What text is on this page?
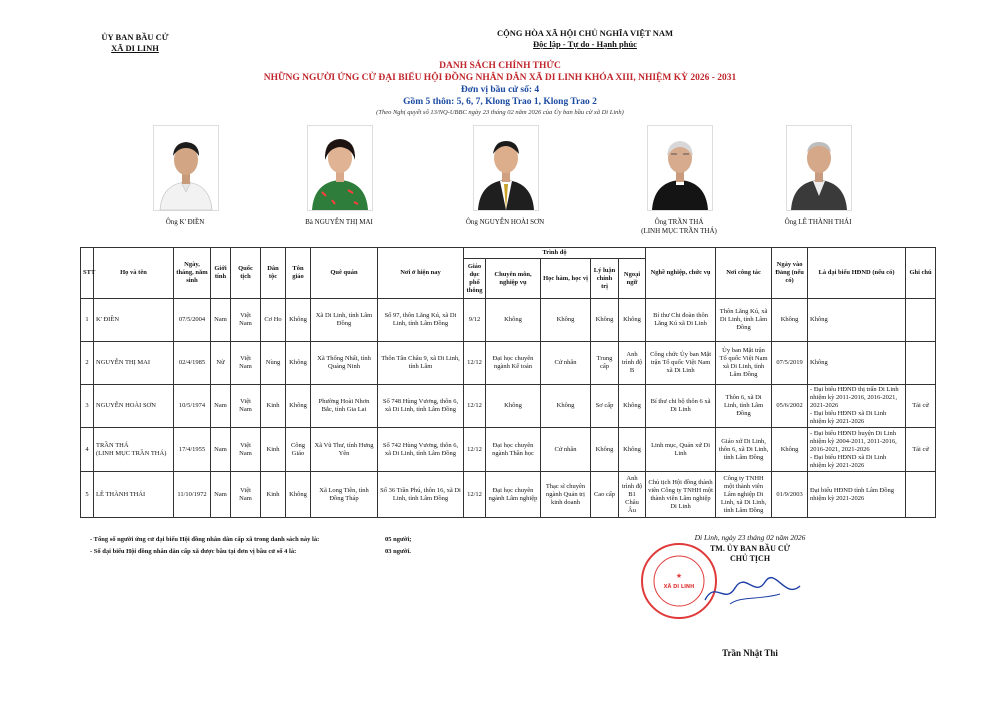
ỦY BAN BẦU CỬ
XÃ DI LINH
CỘNG HÒA XÃ HỘI CHỦ NGHĨA VIỆT NAM
Độc lập - Tự do - Hạnh phúc
DANH SÁCH CHÍNH THỨC
NHỮNG NGƯỜI ỨNG CỬ ĐẠI BIỂU HỘI ĐỒNG NHÂN DÂN XÃ DI LINH KHÓA XIII, NHIỆM KỲ 2026 - 2031
Đơn vị bầu cử số: 4
Gồm 5 thôn: 5, 6, 7, Klong Trao 1, Klong Trao 2
(Theo Nghị quyết số 13/NQ-UBBC ngày 23 tháng 02 năm 2026 của Ủy ban bầu cử xã Di Linh)
Ông K' ĐIỀN	Bà NGUYỄN THỊ MAI	Ông NGUYỄN HOÀI SƠN	Ông TRẦN THÁ
(LINH MỤC TRẦN THÁ)
Ông LÊ THÀNH THÁI
STT	Họ và tên	Ngày, tháng, năm sinh	Giới tính	Quốc tịch	Dân tộc	Tôn giáo	Quê quán	Nơi ở hiện nay	Trình độ					Nghề nghiệp, chức vụ	Nơi công tác	Ngày vào Đảng (nếu có)	Là đại biểu HĐND (nếu có)	Ghi chú
									Giáo dục phổ thông	Chuyên môn, nghiệp vụ	Học hàm, học vị	Lý luận chính trị	Ngoại ngữ					
1	K' ĐIỀN	07/5/2004	Nam	Việt Nam	Cơ Ho	Không	Xã Di Linh, tỉnh Lâm Đồng	Số 97, thôn Lăng Kú, xã Di Linh, tỉnh Lâm Đồng	9/12	Không	Không	Không	Không	Bí thư Chi đoàn thôn Lăng Kú xã Di Linh	Thôn Lăng Kú, xã Di Linh, tỉnh Lâm Đồng	Không	Không	
2	NGUYỄN THỊ MAI	02/4/1985	Nữ	Việt Nam	Nùng	Không	Xã Thống Nhất, tỉnh Quảng Ninh	Thôn Tân Châu 9, xã Di Linh, tỉnh Lâm	12/12	Đại học chuyên ngành Kế toán	Cử nhân	Trung cấp	Anh trình độ B	Công chức Ủy ban Mặt trận Tổ quốc Việt Nam xã Di Linh	Ủy ban Mặt trận Tổ quốc Việt Nam xã Di Linh, tỉnh Lâm Đồng	07/5/2019	Không	
3	NGUYỄN HOÀI SƠN	10/5/1974	Nam	Việt Nam	Kinh	Không	Phường Hoài Nhơn Bắc, tỉnh Gia Lai	Số 748 Hùng Vương, thôn 6, xã Di Linh, tỉnh Lâm Đồng	12/12	Không	Không	Sơ cấp	Không	Bí thư chi bộ thôn 6 xã Di Linh	Thôn 6, xã Di Linh, tỉnh Lâm Đồng	05/6/2002	- Đại biểu HĐND thị trấn Di Linh nhiệm kỳ 2011-2016, 2016-2021, 2021-2026
- Đại biểu HĐND xã Di Linh nhiệm kỳ 2021-2026	Tái cử
4	TRẦN THÁ
(LINH MỤC TRẦN THÁ)	17/4/1955	Nam	Việt Nam	Kinh	Công Giáo	Xã Vũ Thư, tỉnh Hưng Yên	Số 742 Hùng Vương, thôn 6, xã Di Linh, tỉnh Lâm Đồng	12/12	Đại học chuyên ngành Thần học	Cử nhân	Không	Không	Linh mục, Quản xứ Di Linh	Giáo xứ Di Linh, thôn 6, xã Di Linh, tỉnh Lâm Đồng	Không	- Đại biểu HĐND huyện Di Linh nhiệm kỳ 2004-2011, 2011-2016, 2016-2021, 2021-2026
- Đại biểu HĐND xã Di Linh nhiệm kỳ 2021-2026	Tái cử
5	LÊ THÀNH THÁI	11/10/1972	Nam	Việt Nam	Kinh	Không	Xã Long Tiên, tỉnh Đồng Tháp	Số 36 Trần Phú, thôn 16, xã Di Linh, tỉnh Lâm Đồng	12/12	Đại học chuyên ngành Lâm nghiệp	Thạc sĩ chuyên ngành Quản trị kinh doanh	Cao cấp	Anh trình độ B1 Châu Âu	Chủ tịch Hội đồng thành viên Công ty TNHH một thành viên Lâm nghiệp Di Linh	Công ty TNHH một thành viên Lâm nghiệp Di Linh, xã Di Linh, tỉnh Lâm Đồng	01/9/2003	Đại biểu HĐND tỉnh Lâm Đồng nhiệm kỳ 2021-2026	
- Tổng số người ứng cử đại biểu Hội đồng nhân dân cấp xã trong danh sách này là:	05 người;
- Số đại biểu Hội đồng nhân dân cấp xã được bầu tại đơn vị bầu cử số 4 là:	03 người.
★
XÃ DI LINH
Di Linh, ngày 23 tháng 02 năm 2026
TM. ỦY BAN BẦU CỬ
CHỦ TỊCH
Trần Nhật Thi
